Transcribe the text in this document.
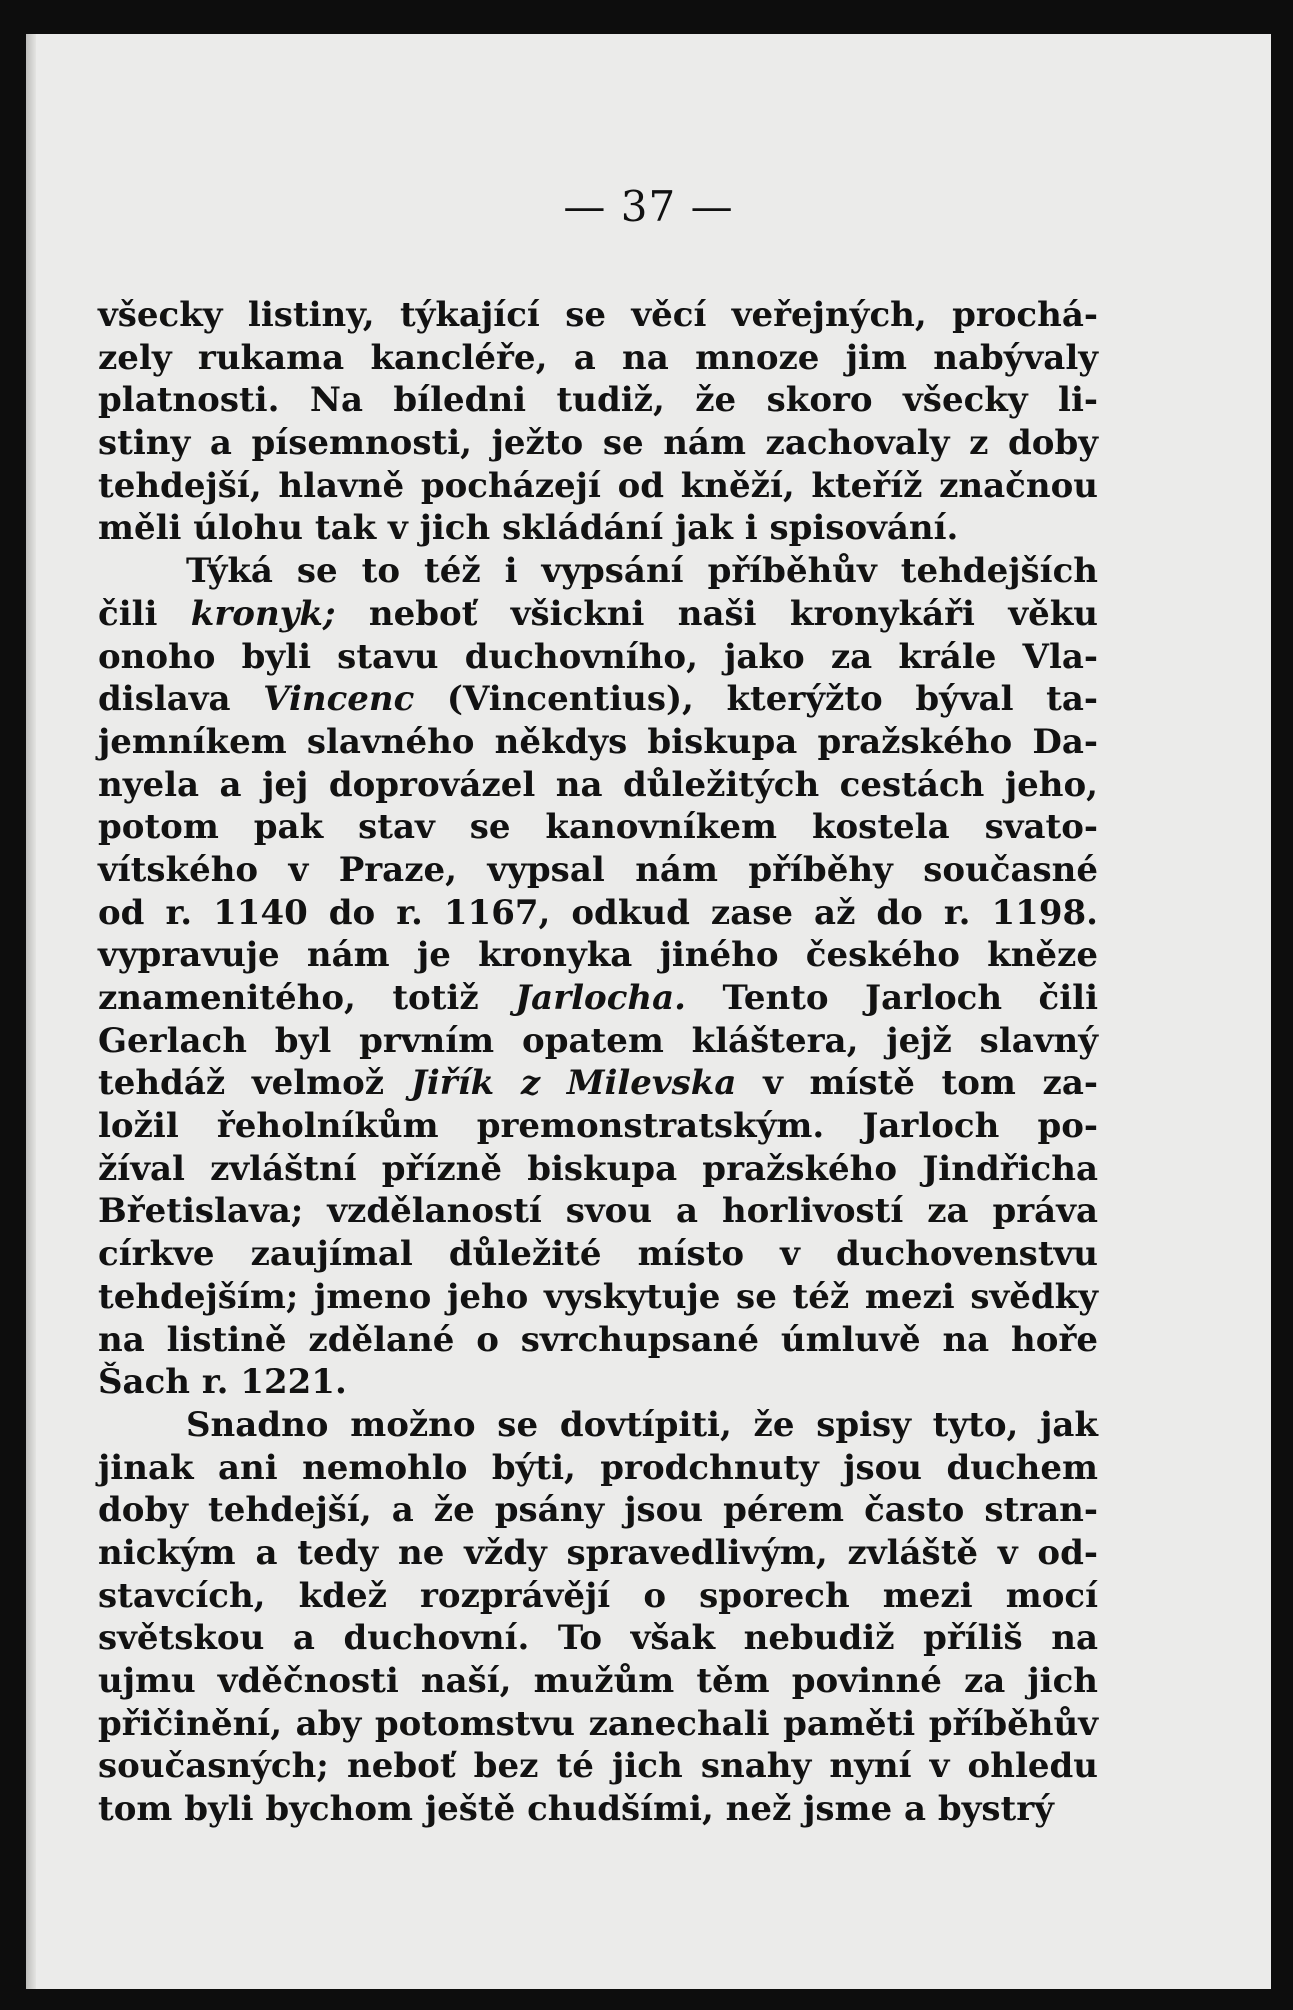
— 37 —
všecky listiny, týkající se věcí veřejných, prochá-
zely rukama kancléře, a na mnoze jim nabývaly
platnosti. Na bíledni tudiž, že skoro všecky li-
stiny a písemnosti, ježto se nám zachovaly z doby
tehdejší, hlavně pocházejí od kněží, kteříž značnou
měli úlohu tak v jich skládání jak i spisování.
Týká se to též i vypsání příběhův tehdejších
čili kronyk; neboť všickni naši kronykáři věku
onoho byli stavu duchovního, jako za krále Vla-
dislava Vincenc (Vincentius), kterýžto býval ta-
jemníkem slavného někdys biskupa pražského Da-
nyela a jej doprovázel na důležitých cestách jeho,
potom pak stav se kanovníkem kostela svato-
vítského v Praze, vypsal nám příběhy současné
od r. 1140 do r. 1167, odkud zase až do r. 1198.
vypravuje nám je kronyka jiného českého kněze
znamenitého, totiž Jarlocha. Tento Jarloch čili
Gerlach byl prvním opatem kláštera, jejž slavný
tehdáž velmož Jiřík z Milevska v místě tom za-
ložil řeholníkům premonstratským. Jarloch po-
žíval zvláštní přízně biskupa pražského Jindřicha
Břetislava; vzdělaností svou a horlivostí za práva
církve zaujímal důležité místo v duchovenstvu
tehdejším; jmeno jeho vyskytuje se též mezi svědky
na listině zdělané o svrchupsané úmluvě na hoře
Šach r. 1221.
Snadno možno se dovtípiti, že spisy tyto, jak
jinak ani nemohlo býti, prodchnuty jsou duchem
doby tehdejší, a že psány jsou pérem často stran-
nickým a tedy ne vždy spravedlivým, zvláště v od-
stavcích, kdež rozprávějí o sporech mezi mocí
světskou a duchovní. To však nebudiž příliš na
ujmu vděčnosti naší, mužům těm povinné za jich
přičinění, aby potomstvu zanechali paměti příběhův
současných; neboť bez té jich snahy nyní v ohledu
tom byli bychom ještě chudšími, než jsme a bystrý
